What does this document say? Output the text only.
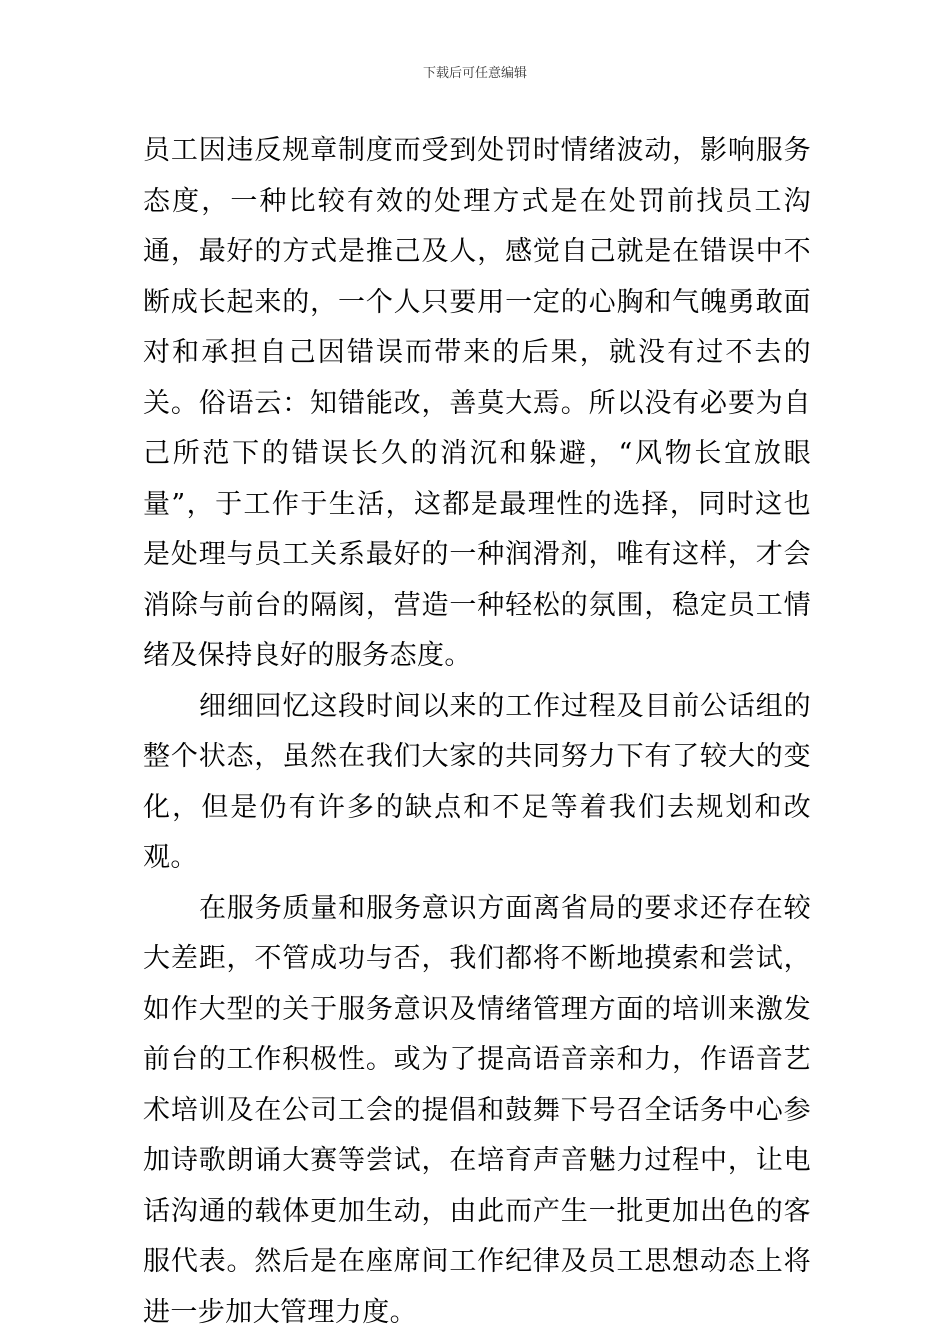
下载后可任意编辑

员工因违反规章制度而受到处罚时情绪波动，影响服务态度，一种比较有效的处理方式是在处罚前找员工沟通，最好的方式是推己及人，感觉自己就是在错误中不断成长起来的，一个人只要用一定的心胸和气魄勇敢面对和承担自己因错误而带来的后果，就没有过不去的关。俗语云：知错能改，善莫大焉。所以没有必要为自己所范下的错误长久的消沉和躲避，“风物长宜放眼量”，于工作于生活，这都是最理性的选择，同时这也是处理与员工关系最好的一种润滑剂，唯有这样，才会消除与前台的隔阂，营造一种轻松的氛围，稳定员工情绪及保持良好的服务态度。

细细回忆这段时间以来的工作过程及目前公话组的整个状态，虽然在我们大家的共同努力下有了较大的变化，但是仍有许多的缺点和不足等着我们去规划和改观。

在服务质量和服务意识方面离省局的要求还存在较大差距，不管成功与否，我们都将不断地摸索和尝试，如作大型的关于服务意识及情绪管理方面的培训来激发前台的工作积极性。或为了提高语音亲和力，作语音艺术培训及在公司工会的提倡和鼓舞下号召全话务中心参加诗歌朗诵大赛等尝试，在培育声音魅力过程中，让电话沟通的载体更加生动，由此而产生一批更加出色的客服代表。然后是在座席间工作纪律及员工思想动态上将进一步加大管理力度。
